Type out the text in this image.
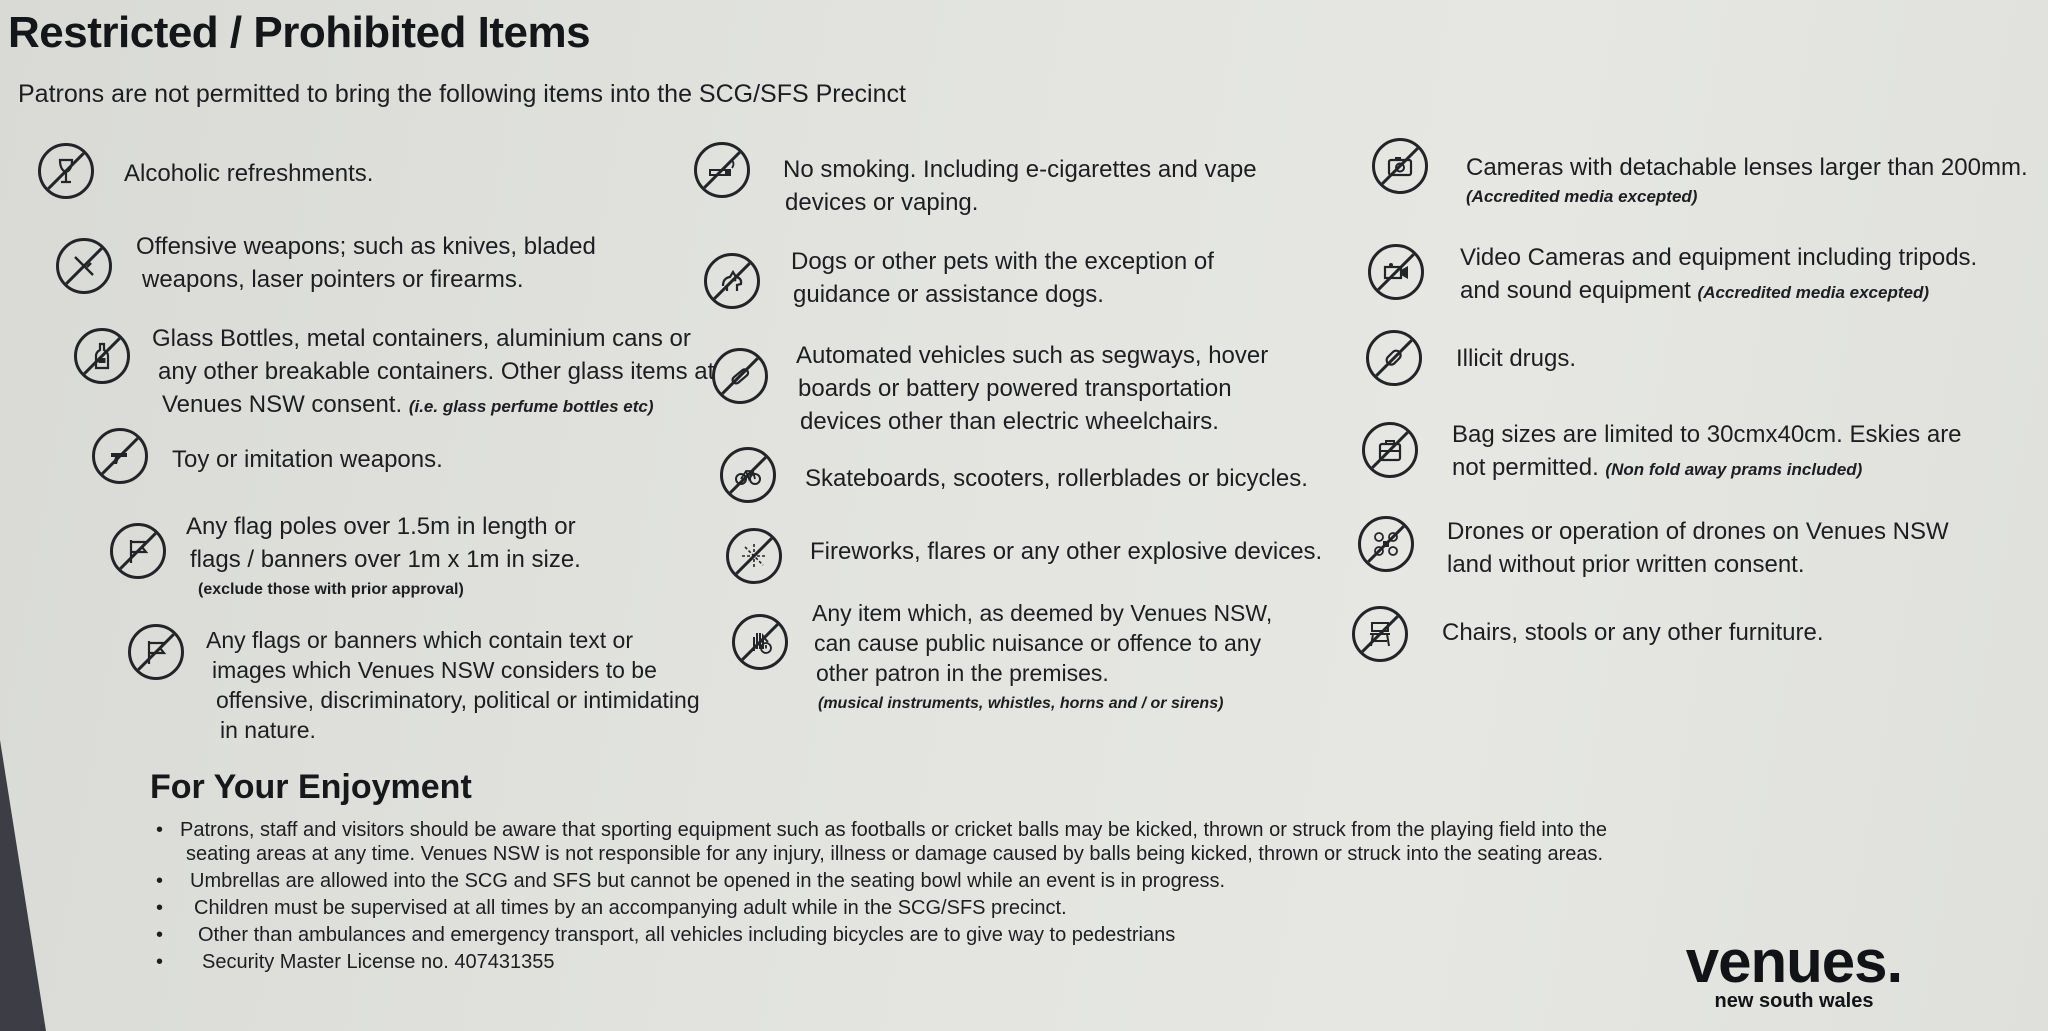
Restricted / Prohibited Items

Patrons are not permitted to bring the following items into the SCG/SFS Precinct

Alcoholic refreshments.
Offensive weapons; such as knives, bladed
weapons, laser pointers or firearms.
Glass Bottles, metal containers, aluminium cans or
any other breakable containers. Other glass items at
Venues NSW consent. (i.e. glass perfume bottles etc)
Toy or imitation weapons.
Any flag poles over 1.5m in length or
flags / banners over 1m x 1m in size.
(exclude those with prior approval)
Any flags or banners which contain text or
images which Venues NSW considers to be
offensive, discriminatory, political or intimidating
in nature.
No smoking. Including e-cigarettes and vape
devices or vaping.
Dogs or other pets with the exception of
guidance or assistance dogs.
Automated vehicles such as segways, hover
boards or battery powered transportation
devices other than electric wheelchairs.
Skateboards, scooters, rollerblades or bicycles.
Fireworks, flares or any other explosive devices.
Any item which, as deemed by Venues NSW,
can cause public nuisance or offence to any
other patron in the premises.
(musical instruments, whistles, horns and / or sirens)
Cameras with detachable lenses larger than 200mm.
(Accredited media excepted)
Video Cameras and equipment including tripods.
and sound equipment (Accredited media excepted)
Illicit drugs.
Bag sizes are limited to 30cmx40cm. Eskies are
not permitted. (Non fold away prams included)
Drones or operation of drones on Venues NSW
land without prior written consent.
Chairs, stools or any other furniture.
For Your Enjoyment
• Patrons, staff and visitors should be aware that sporting equipment such as footballs or cricket balls may be kicked, thrown or struck from the playing field into the
seating areas at any time. Venues NSW is not responsible for any injury, illness or damage caused by balls being kicked, thrown or struck into the seating areas.
• Umbrellas are allowed into the SCG and SFS but cannot be opened in the seating bowl while an event is in progress.
• Children must be supervised at all times by an accompanying adult while in the SCG/SFS precinct.
• Other than ambulances and emergency transport, all vehicles including bicycles are to give way to pedestrians
• Security Master License no. 407431355	venues.
new south wales
